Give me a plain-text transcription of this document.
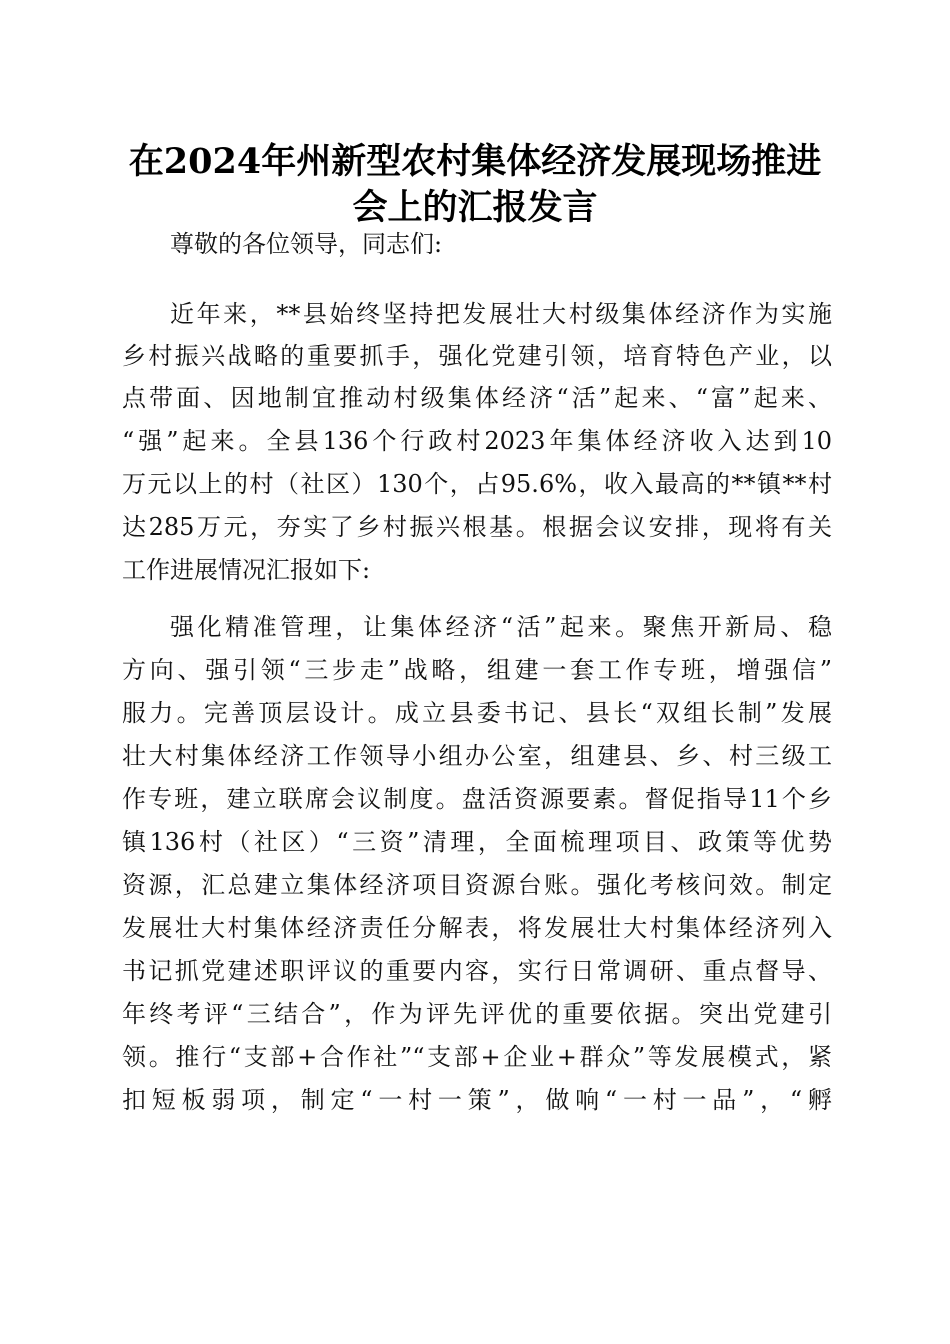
在2024年州新型农村集体经济发展现场推进
会上的汇报发言
尊敬的各位领导，同志们:
近年来，**县始终坚持把发展壮大村级集体经济作为实施
乡村振兴战略的重要抓手，强化党建引领，培育特色产业，以
点带面、因地制宜推动村级集体经济“活”起来、“富”起来、
“强”起来。全县136个行政村2023年集体经济收入达到10
万元以上的村（社区）130个，占95.6%，收入最高的**镇**村
达285万元，夯实了乡村振兴根基。根据会议安排，现将有关
工作进展情况汇报如下:
强化精准管理，让集体经济“活”起来。聚焦开新局、稳
方向、强引领“三步走”战略，组建一套工作专班，增强信”
服力。完善顶层设计。成立县委书记、县长“双组长制”发展
壮大村集体经济工作领导小组办公室，组建县、乡、村三级工
作专班，建立联席会议制度。盘活资源要素。督促指导11个乡
镇136村（社区）“三资”清理，全面梳理项目、政策等优势
资源，汇总建立集体经济项目资源台账。强化考核问效。制定
发展壮大村集体经济责任分解表，将发展壮大村集体经济列入
书记抓党建述职评议的重要内容，实行日常调研、重点督导、
年终考评“三结合”，作为评先评优的重要依据。突出党建引
领。推行“支部+合作社”“支部+企业+群众”等发展模式，紧
扣短板弱项，制定“一村一策”，做响“一村一品”，“孵
